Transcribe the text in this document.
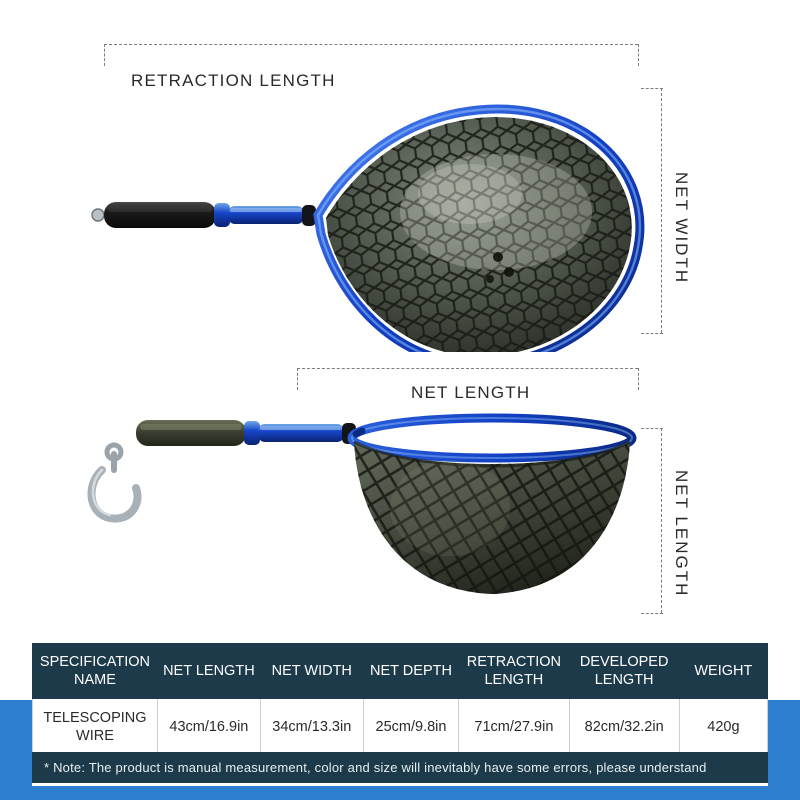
RETRACTION LENGTH
NET WIDTH
NET LENGTH
NET LENGTH
SPECIFICATION NAME	NET LENGTH	NET WIDTH	NET DEPTH	RETRACTION LENGTH	DEVELOPED LENGTH	WEIGHT
TELESCOPING WIRE	43cm/16.9in	34cm/13.3in	25cm/9.8in	71cm/27.9in	82cm/32.2in	420g
* Note: The product is manual measurement, color and size will inevitably have some errors, please understand
